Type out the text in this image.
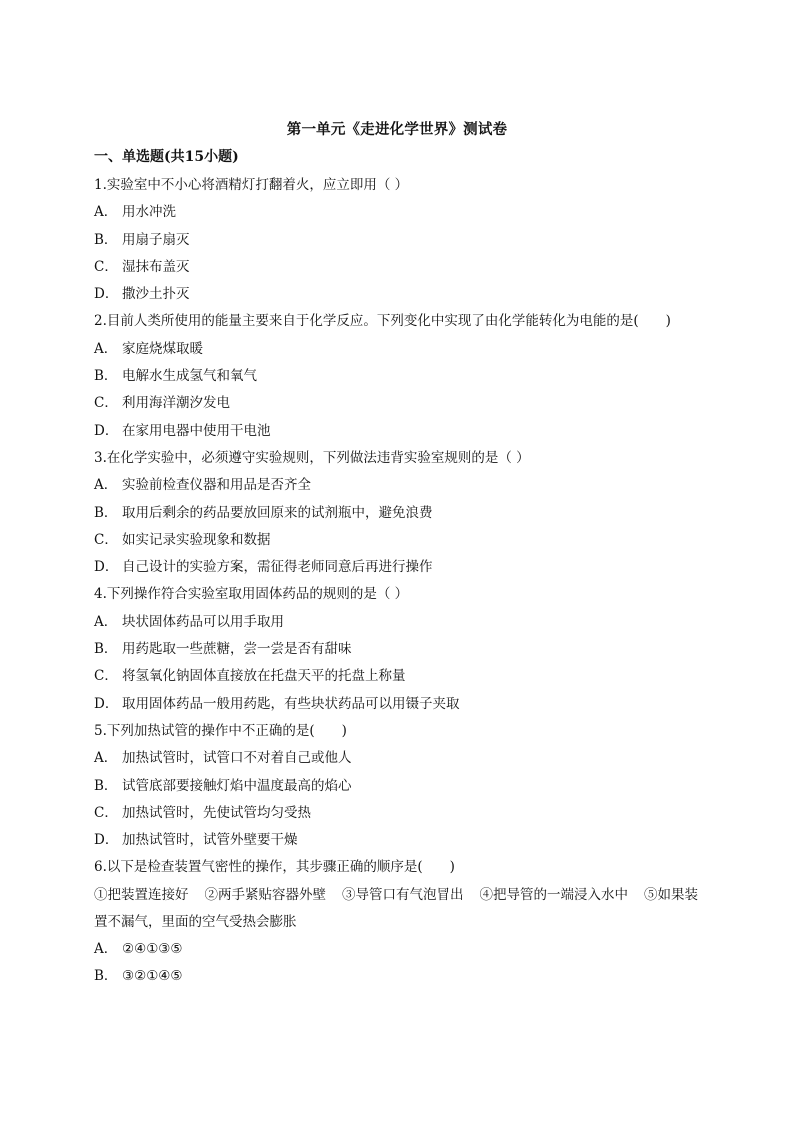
第一单元《走进化学世界》测试卷
一、单选题(共15小题)
1.实验室中不小心将酒精灯打翻着火，应立即用（ ）
A． 用水冲洗
B． 用扇子扇灭
C． 湿抹布盖灭
D． 撒沙土扑灭
2.目前人类所使用的能量主要来自于化学反应。下列变化中实现了由化学能转化为电能的是(　　)
A． 家庭烧煤取暖
B． 电解水生成氢气和氧气
C． 利用海洋潮汐发电
D． 在家用电器中使用干电池
3.在化学实验中，必须遵守实验规则，下列做法违背实验室规则的是（ ）
A． 实验前检查仪器和用品是否齐全
B． 取用后剩余的药品要放回原来的试剂瓶中，避免浪费
C． 如实记录实验现象和数据
D． 自己设计的实验方案，需征得老师同意后再进行操作
4.下列操作符合实验室取用固体药品的规则的是（ ）
A． 块状固体药品可以用手取用
B． 用药匙取一些蔗糖，尝一尝是否有甜味
C． 将氢氧化钠固体直接放在托盘天平的托盘上称量
D． 取用固体药品一般用药匙，有些块状药品可以用镊子夹取
5.下列加热试管的操作中不正确的是(　　)
A． 加热试管时，试管口不对着自己或他人
B． 试管底部要接触灯焰中温度最高的焰心
C． 加热试管时，先使试管均匀受热
D． 加热试管时，试管外壁要干燥
6.以下是检查装置气密性的操作，其步骤正确的顺序是(　　)
①把装置连接好 ②两手紧贴容器外壁 ③导管口有气泡冒出 ④把导管的一端浸入水中 ⑤如果装置不漏气，里面的空气受热会膨胀
A． ②④①③⑤
B． ③②①④⑤
